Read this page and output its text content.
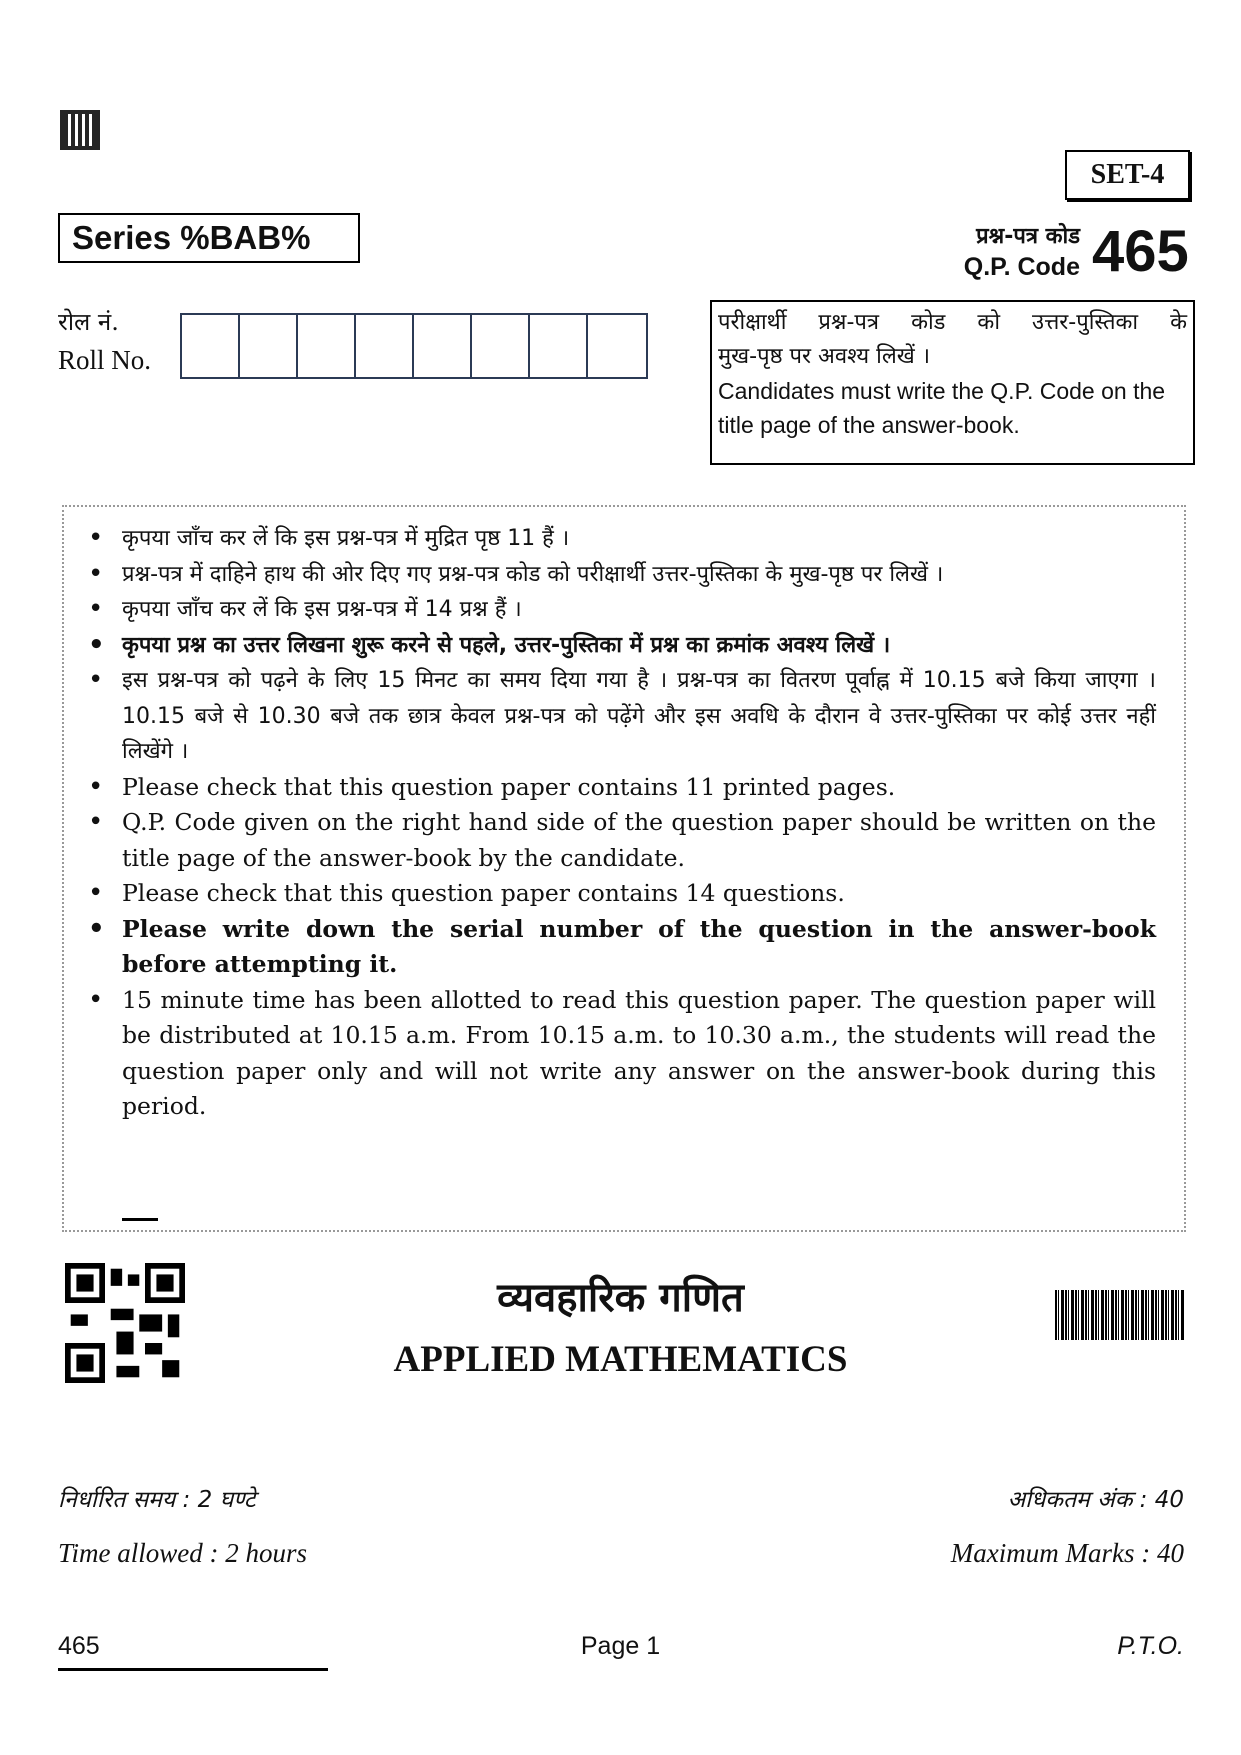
SET-4
Series %BAB%	प्रश्न-पत्र कोड
Q.P. Code 465
रोल नं.
Roll No.
परीक्षार्थी प्रश्न-पत्र कोड को उत्तर-पुस्तिका के
मुख-पृष्ठ पर अवश्य लिखें ।
Candidates must write the Q.P. Code on the title page of the answer-book.
• कृपया जाँच कर लें कि इस प्रश्न-पत्र में मुद्रित पृष्ठ 11 हैं ।
• प्रश्न-पत्र में दाहिने हाथ की ओर दिए गए प्रश्न-पत्र कोड को परीक्षार्थी उत्तर-पुस्तिका के मुख-पृष्ठ पर लिखें ।
• कृपया जाँच कर लें कि इस प्रश्न-पत्र में 14 प्रश्न हैं ।
• कृपया प्रश्न का उत्तर लिखना शुरू करने से पहले, उत्तर-पुस्तिका में प्रश्न का क्रमांक अवश्य लिखें ।
• इस प्रश्न-पत्र को पढ़ने के लिए 15 मिनट का समय दिया गया है । प्रश्न-पत्र का वितरण पूर्वाह्न में 10.15 बजे किया जाएगा । 10.15 बजे से 10.30 बजे तक छात्र केवल प्रश्न-पत्र को पढ़ेंगे और इस अवधि के दौरान वे उत्तर-पुस्तिका पर कोई उत्तर नहीं लिखेंगे ।
• Please check that this question paper contains 11 printed pages.
• Q.P. Code given on the right hand side of the question paper should be written on the title page of the answer-book by the candidate.
• Please check that this question paper contains 14 questions.
• Please write down the serial number of the question in the answer-book before attempting it.
• 15 minute time has been allotted to read this question paper. The question paper will be distributed at 10.15 a.m. From 10.15 a.m. to 10.30 a.m., the students will read the question paper only and will not write any answer on the answer-book during this period.
व्यवहारिक गणित
APPLIED MATHEMATICS
निर्धारित समय : 2 घण्टे
Time allowed : 2 hours
अधिकतम अंक : 40
Maximum Marks : 40
465	Page 1	P.T.O.
